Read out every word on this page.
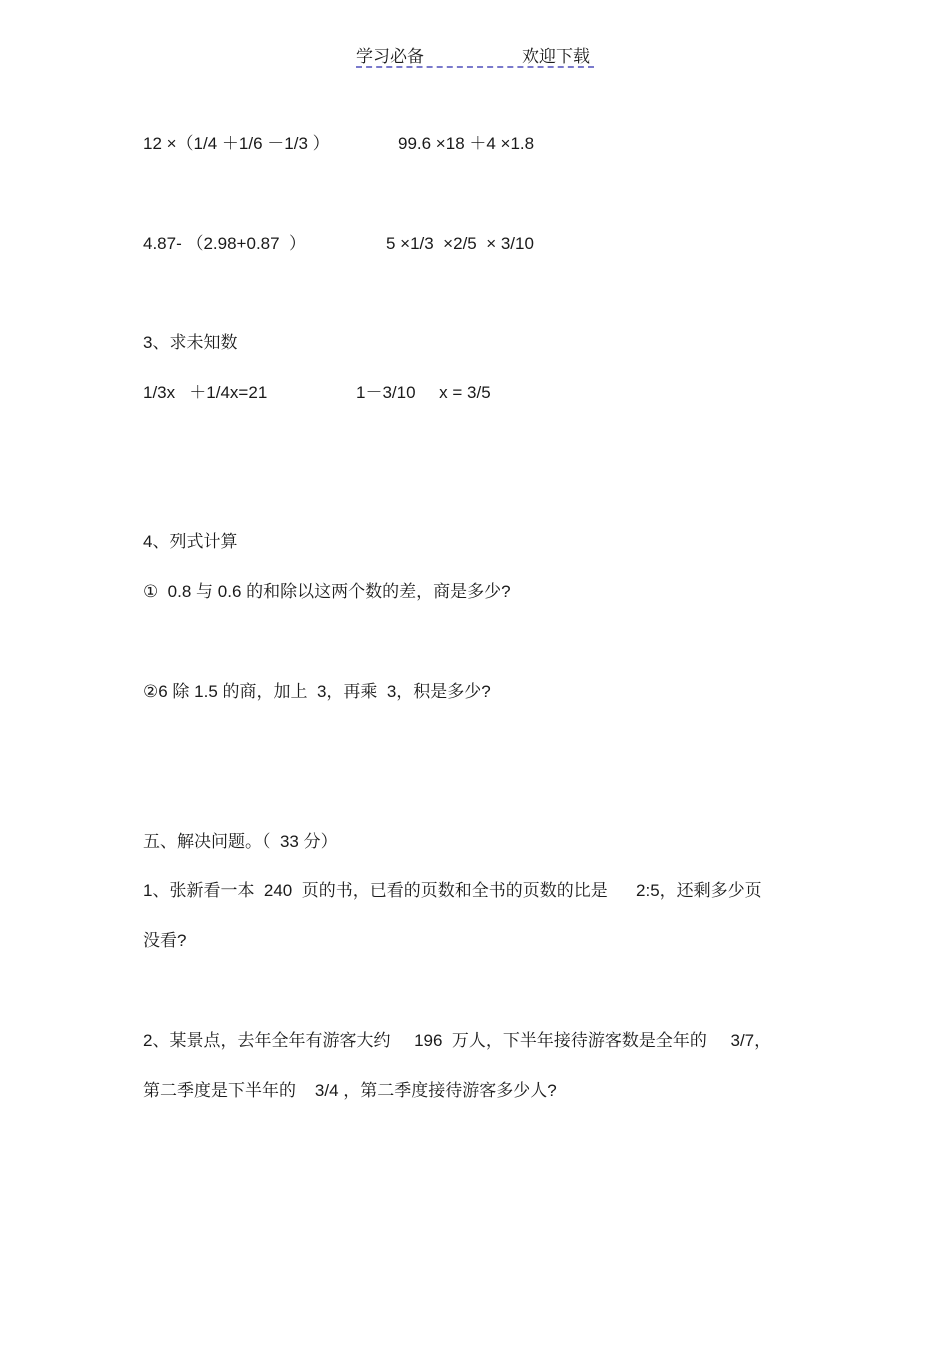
学习必备	欢迎下载
12 ×（1/4 ＋1/6 －1/3 ）	99.6 ×18 ＋4 ×1.8
4.87- （2.98+0.87  ）	5 ×1/3  ×2/5  × 3/10
3、求未知数
1/3x   ＋1/4x=21	1－3/10     x = 3/5
4、列式计算
①  0.8 与 0.6 的和除以这两个数的差，商是多少?
②6 除 1.5 的商，加上  3，再乘  3，积是多少?
五、解决问题。（  33 分）
1、张新看一本  240  页的书，已看的页数和全书的页数的比是      2:5，还剩多少页
没看?
2、某景点，去年全年有游客大约     196  万人，下半年接待游客数是全年的     3/7，
第二季度是下半年的    3/4 ，第二季度接待游客多少人?
